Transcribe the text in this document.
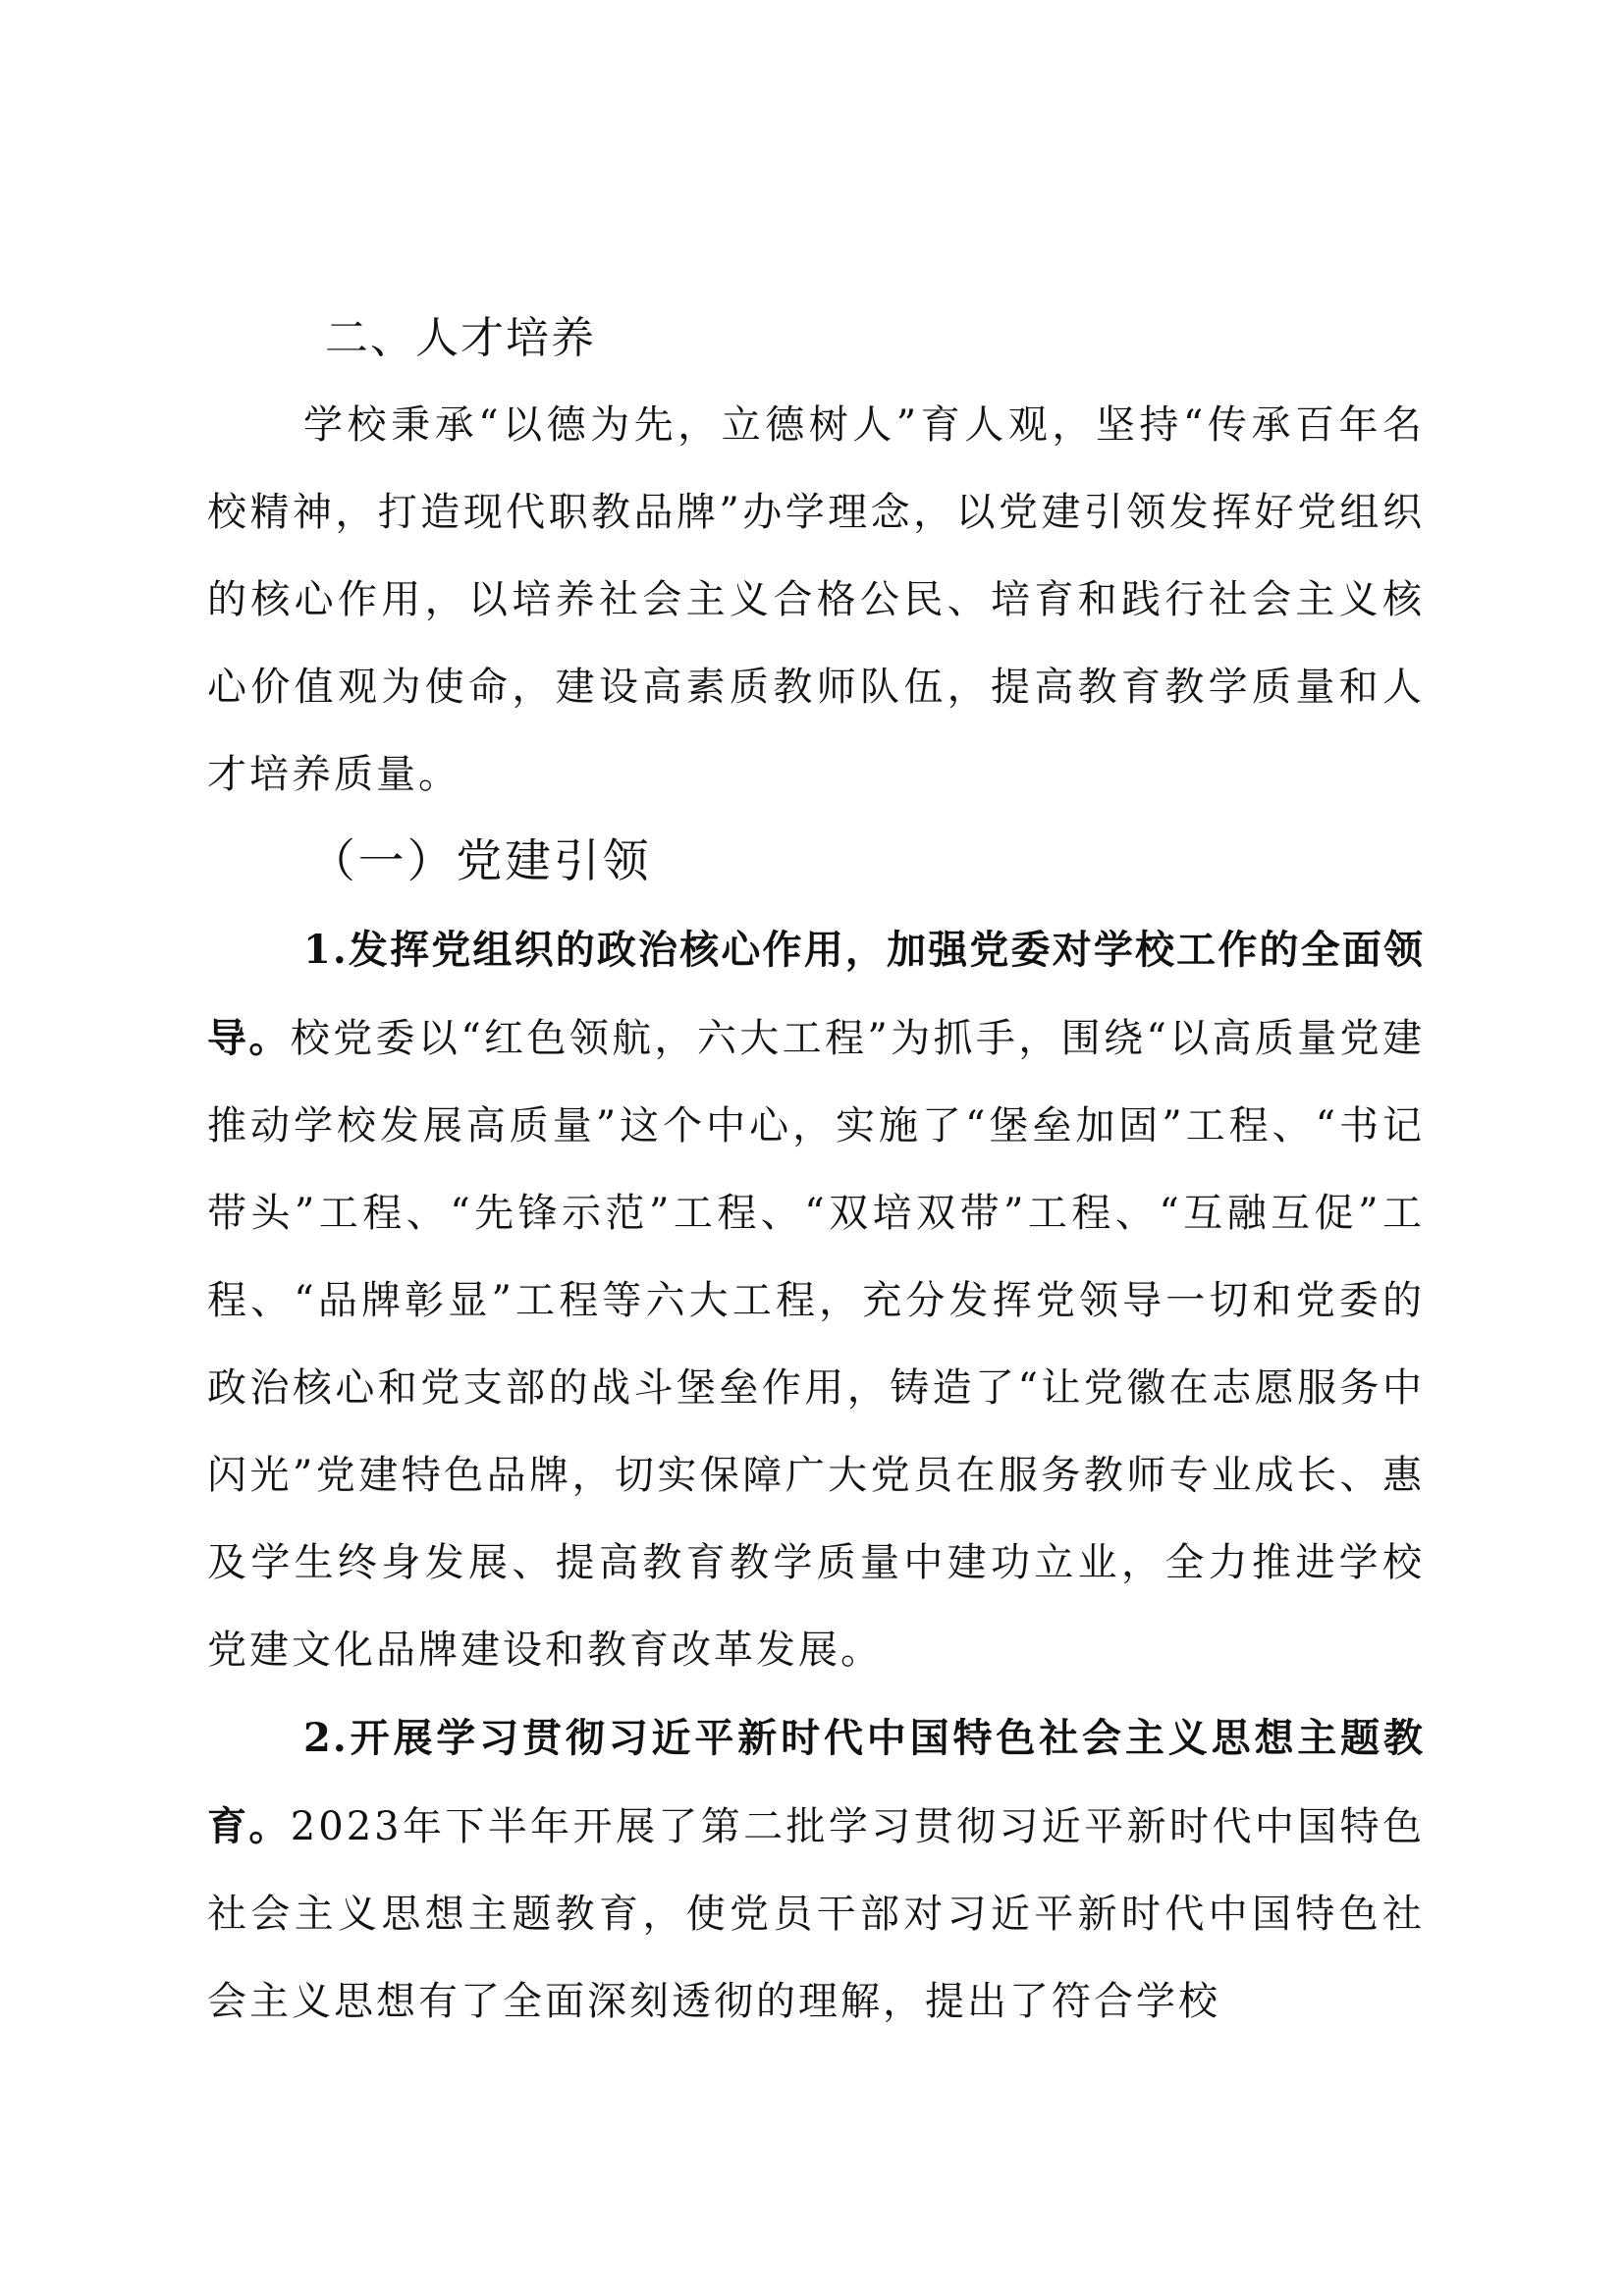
二、人才培养

学校秉承“以德为先，立德树人”育人观，坚持“传承百年名校精神，打造现代职教品牌”办学理念，以党建引领发挥好党组织的核心作用，以培养社会主义合格公民、培育和践行社会主义核心价值观为使命，建设高素质教师队伍，提高教育教学质量和人才培养质量。

（一）党建引领

1.发挥党组织的政治核心作用，加强党委对学校工作的全面领导。校党委以“红色领航，六大工程”为抓手，围绕“以高质量党建推动学校发展高质量”这个中心，实施了“堡垒加固”工程、“书记带头”工程、“先锋示范”工程、“双培双带”工程、“互融互促”工程、“品牌彰显”工程等六大工程，充分发挥党领导一切和党委的政治核心和党支部的战斗堡垒作用，铸造了“让党徽在志愿服务中闪光”党建特色品牌，切实保障广大党员在服务教师专业成长、惠及学生终身发展、提高教育教学质量中建功立业，全力推进学校党建文化品牌建设和教育改革发展。

2.开展学习贯彻习近平新时代中国特色社会主义思想主题教育。2023年下半年开展了第二批学习贯彻习近平新时代中国特色社会主义思想主题教育，使党员干部对习近平新时代中国特色社会主义思想有了全面深刻透彻的理解，提出了符合学校
